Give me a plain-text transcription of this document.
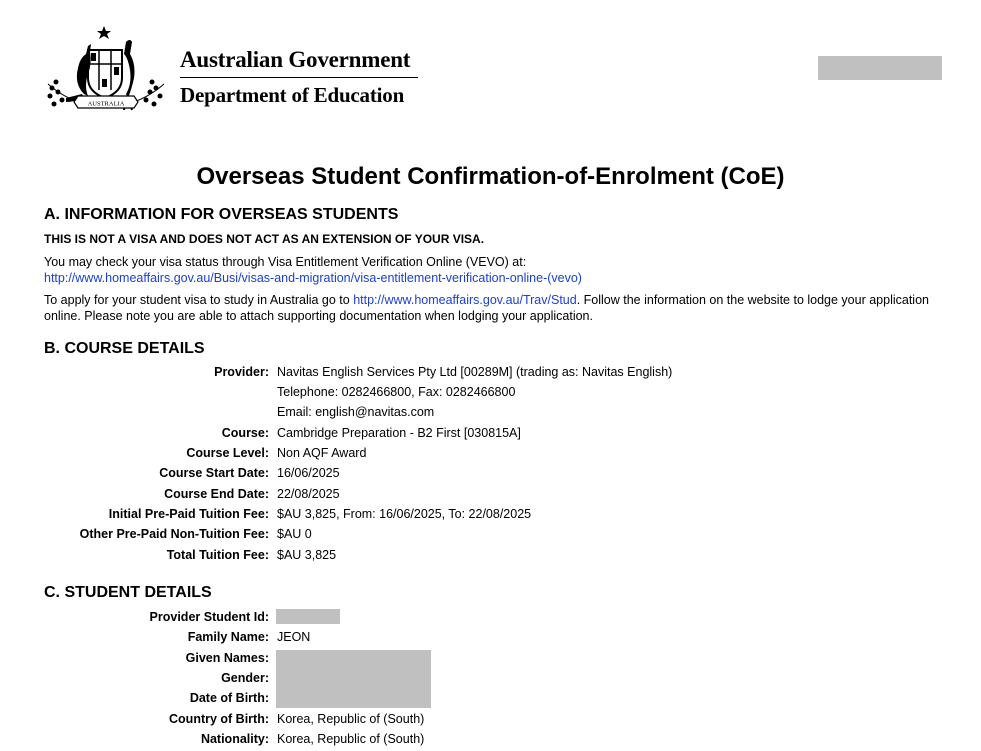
AUSTRALIA
Australian Government
Department of Education
Overseas Student Confirmation-of-Enrolment (CoE)
A. INFORMATION FOR OVERSEAS STUDENTS
THIS IS NOT A VISA AND DOES NOT ACT AS AN EXTENSION OF YOUR VISA.
You may check your visa status through Visa Entitlement Verification Online (VEVO) at:
http://www.homeaffairs.gov.au/Busi/visas-and-migration/visa-entitlement-verification-online-(vevo)
To apply for your student visa to study in Australia go to http://www.homeaffairs.gov.au/Trav/Stud. Follow the information on the website to lodge your application online. Please note you are able to attach supporting documentation when lodging your application.
B. COURSE DETAILS
Provider: Navitas English Services Pty Ltd [00289M] (trading as: Navitas English)
Telephone: 0282466800, Fax: 0282466800
Email: english@navitas.com
Course: Cambridge Preparation - B2 First [030815A]
Course Level: Non AQF Award
Course Start Date: 16/06/2025
Course End Date: 22/08/2025
Initial Pre-Paid Tuition Fee: $AU 3,825, From: 16/06/2025, To: 22/08/2025
Other Pre-Paid Non-Tuition Fee: $AU 0
Total Tuition Fee: $AU 3,825
C. STUDENT DETAILS
Provider Student Id:
Family Name: JEON
Given Names:
Gender:
Date of Birth:
Country of Birth: Korea, Republic of (South)
Nationality: Korea, Republic of (South)
